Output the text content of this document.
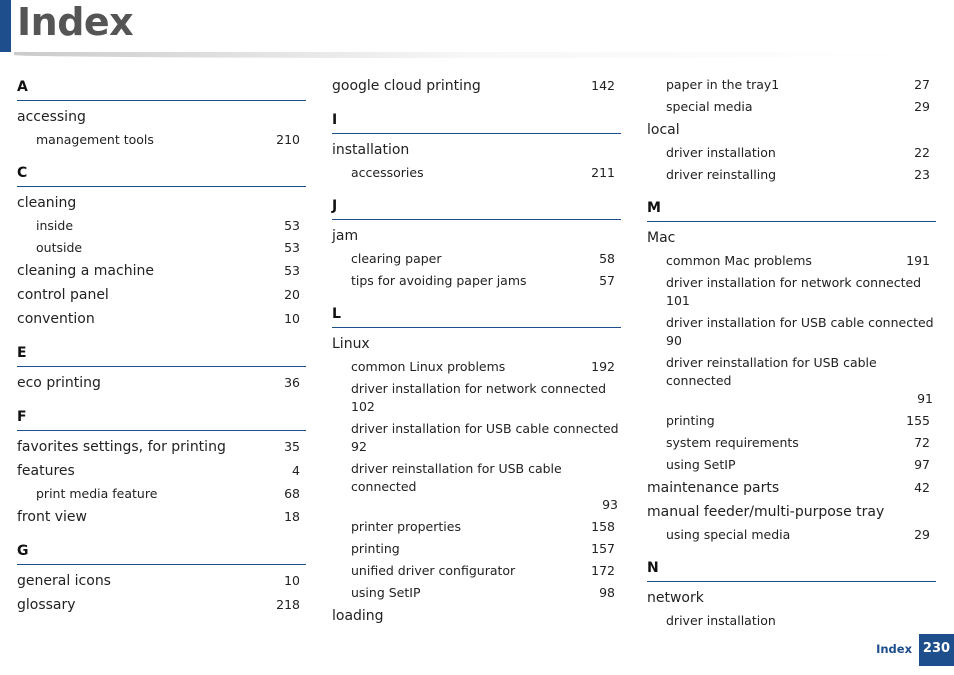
Index
A
accessing
management tools	210
C
cleaning
inside	53
outside	53
cleaning a machine	53
control panel	20
convention	10
E
eco printing	36
F
favorites settings, for printing	35
features	4
print media feature	68
front view	18
G
general icons	10
glossary	218
google cloud printing	142
I
installation
accessories	211
J
jam
clearing paper	58
tips for avoiding paper jams	57
L
Linux
common Linux problems	192
driver installation for network connected
102
driver installation for USB cable connected
92
driver reinstallation for USB cable connected
93
printer properties	158
printing	157
unified driver configurator	172
using SetIP	98
loading
paper in the tray1	27
special media	29
local
driver installation	22
driver reinstalling	23
M
Mac
common Mac problems	191
driver installation for network connected
101
driver installation for USB cable connected
90
driver reinstallation for USB cable connected
91
printing	155
system requirements	72
using SetIP	97
maintenance parts	42
manual feeder/multi-purpose tray
using special media	29
N
network
driver installation
Index 230
